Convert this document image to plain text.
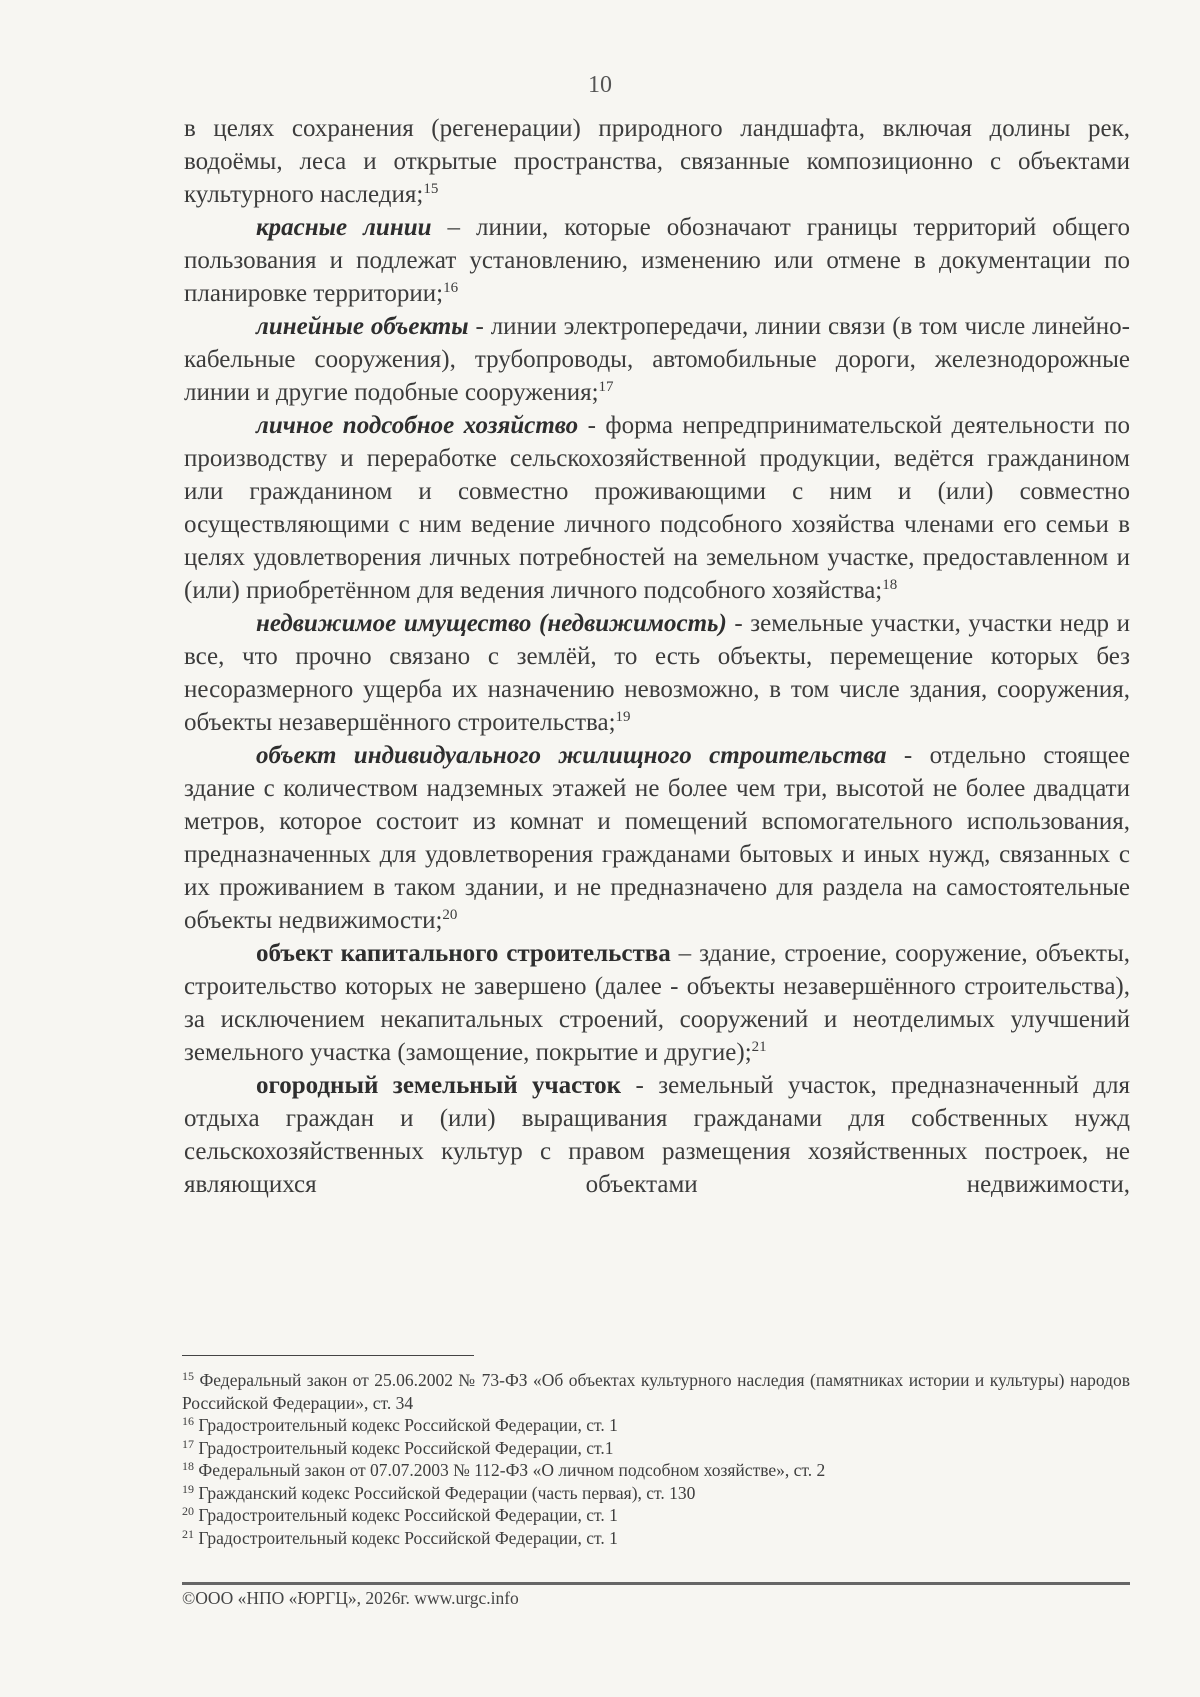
10

в целях сохранения (регенерации) природного ландшафта, включая долины рек, водоёмы, леса и открытые пространства, связанные композиционно с объектами культурного наследия;$^{15}$

красные линии – линии, которые обозначают границы территорий общего пользования и подлежат установлению, изменению или отмене в документации по планировке территории;$^{16}$

линейные объекты - линии электропередачи, линии связи (в том числе линейно-кабельные сооружения), трубопроводы, автомобильные дороги, железнодорожные линии и другие подобные сооружения;$^{17}$

личное подсобное хозяйство - форма непредпринимательской деятельности по производству и переработке сельскохозяйственной продукции, ведётся гражданином или гражданином и совместно проживающими с ним и (или) совместно осуществляющими с ним ведение личного подсобного хозяйства членами его семьи в целях удовлетворения личных потребностей на земельном участке, предоставленном и (или) приобретённом для ведения личного подсобного хозяйства;$^{18}$

недвижимое имущество (недвижимость) - земельные участки, участки недр и все, что прочно связано с землёй, то есть объекты, перемещение которых без несоразмерного ущерба их назначению невозможно, в том числе здания, сооружения, объекты незавершённого строительства;$^{19}$

объект индивидуального жилищного строительства - отдельно стоящее здание с количеством надземных этажей не более чем три, высотой не более двадцати метров, которое состоит из комнат и помещений вспомогательного использования, предназначенных для удовлетворения гражданами бытовых и иных нужд, связанных с их проживанием в таком здании, и не предназначено для раздела на самостоятельные объекты недвижимости;$^{20}$

объект капитального строительства – здание, строение, сооружение, объекты, строительство которых не завершено (далее - объекты незавершённого строительства), за исключением некапитальных строений, сооружений и неотделимых улучшений земельного участка (замощение, покрытие и другие);$^{21}$

огородный земельный участок - земельный участок, предназначенный для отдыха граждан и (или) выращивания гражданами для собственных нужд сельскохозяйственных культур с правом размещения хозяйственных построек, не являющихся объектами недвижимости,

$^{15}$ Федеральный закон от 25.06.2002 № 73-ФЗ «Об объектах культурного наследия (памятниках истории и культуры) народов Российской Федерации», ст. 34

$^{16}$ Градостроительный кодекс Российской Федерации, ст. 1

$^{17}$ Градостроительный кодекс Российской Федерации, ст.1

$^{18}$ Федеральный закон от 07.07.2003 № 112-ФЗ «О личном подсобном хозяйстве», ст. 2

$^{19}$ Гражданский кодекс Российской Федерации (часть первая), ст. 130

$^{20}$ Градостроительный кодекс Российской Федерации, ст. 1

$^{21}$ Градостроительный кодекс Российской Федерации, ст. 1

©ООО «НПО «ЮРГЦ», 2026г. www.urgc.info
